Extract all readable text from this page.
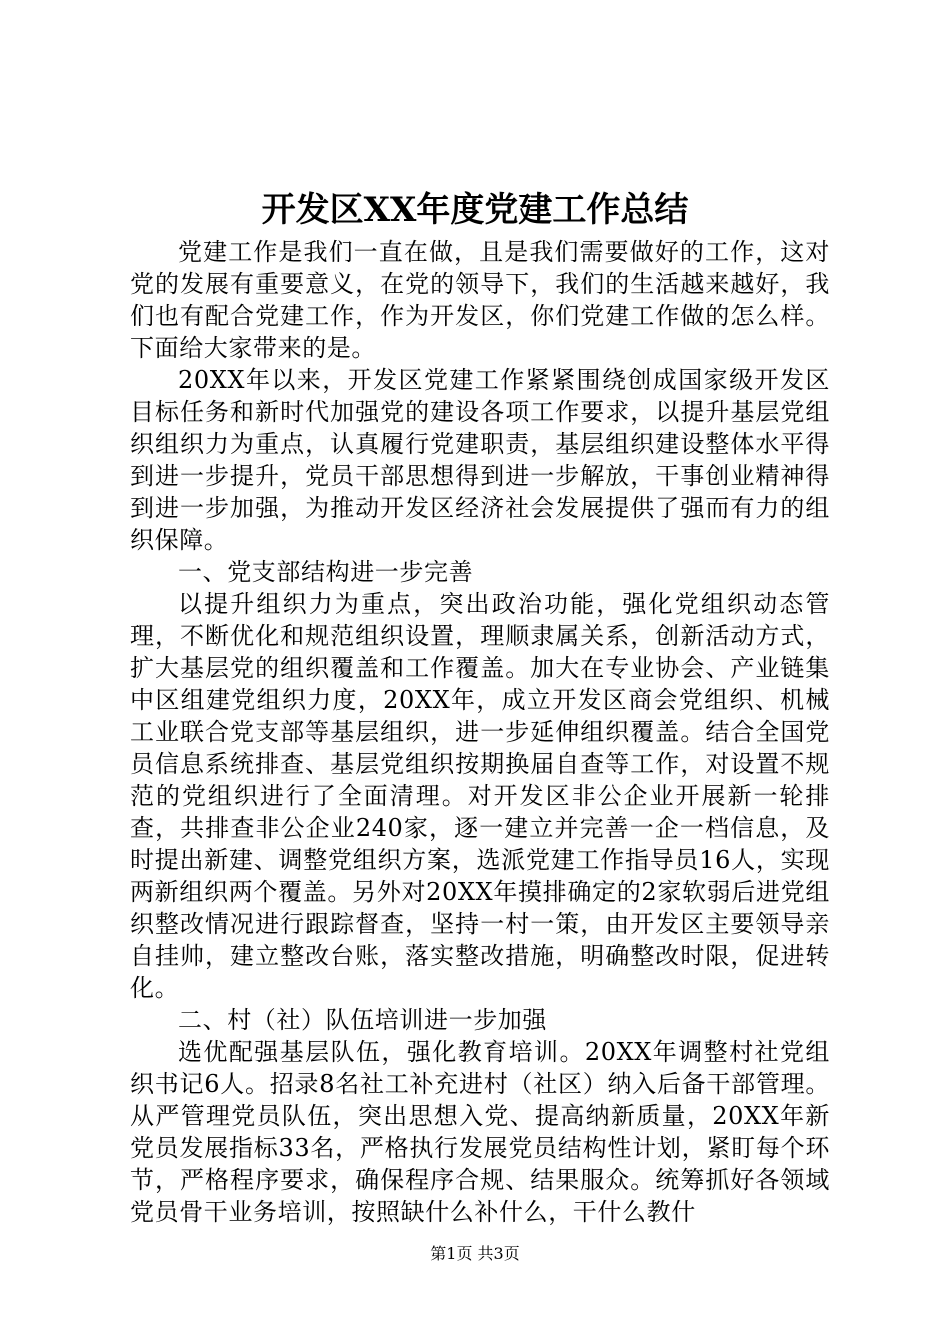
开发区XX年度党建工作总结

党建工作是我们一直在做，且是我们需要做好的工作，这对党的发展有重要意义，在党的领导下，我们的生活越来越好，我们也有配合党建工作，作为开发区，你们党建工作做的怎么样。下面给大家带来的是。

20XX年以来，开发区党建工作紧紧围绕创成国家级开发区目标任务和新时代加强党的建设各项工作要求，以提升基层党组织组织力为重点，认真履行党建职责，基层组织建设整体水平得到进一步提升，党员干部思想得到进一步解放，干事创业精神得到进一步加强，为推动开发区经济社会发展提供了强而有力的组织保障。

一、党支部结构进一步完善

以提升组织力为重点，突出政治功能，强化党组织动态管理，不断优化和规范组织设置，理顺隶属关系，创新活动方式，扩大基层党的组织覆盖和工作覆盖。加大在专业协会、产业链集中区组建党组织力度，20XX年，成立开发区商会党组织、机械工业联合党支部等基层组织，进一步延伸组织覆盖。结合全国党员信息系统排查、基层党组织按期换届自查等工作，对设置不规范的党组织进行了全面清理。对开发区非公企业开展新一轮排查，共排查非公企业240家，逐一建立并完善一企一档信息，及时提出新建、调整党组织方案，选派党建工作指导员16人，实现两新组织两个覆盖。另外对20XX年摸排确定的2家软弱后进党组织整改情况进行跟踪督查，坚持一村一策，由开发区主要领导亲自挂帅，建立整改台账，落实整改措施，明确整改时限，促进转化。

二、村（社）队伍培训进一步加强

选优配强基层队伍，强化教育培训。20XX年调整村社党组织书记6人。招录8名社工补充进村（社区）纳入后备干部管理。从严管理党员队伍，突出思想入党、提高纳新质量，20XX年新党员发展指标33名，严格执行发展党员结构性计划，紧盯每个环节，严格程序要求，确保程序合规、结果服众。统筹抓好各领域党员骨干业务培训，按照缺什么补什么，干什么教什

第1页 共3页
